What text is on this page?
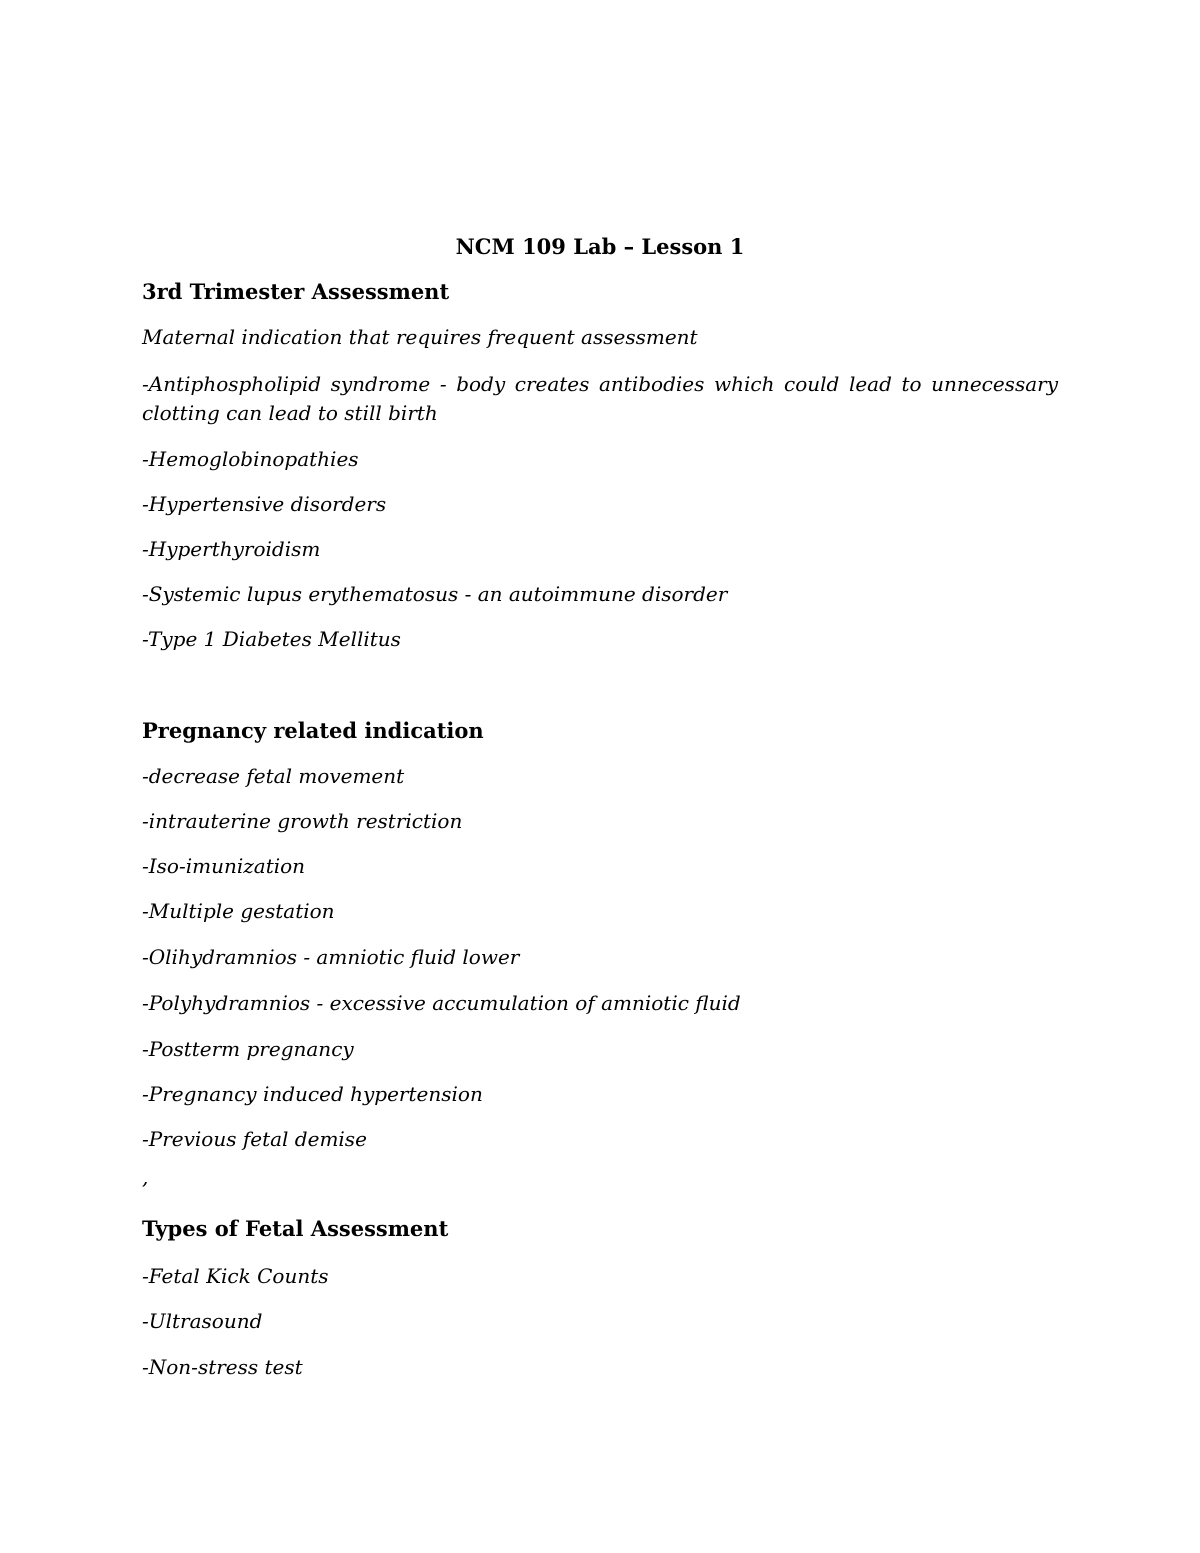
NCM 109 Lab – Lesson 1
3rd Trimester Assessment
Maternal indication that requires frequent assessment
-Antiphospholipid syndrome - body creates antibodies which could lead to unnecessary
clotting can lead to still birth
-Hemoglobinopathies
-Hypertensive disorders
-Hyperthyroidism
-Systemic lupus erythematosus - an autoimmune disorder
-Type 1 Diabetes Mellitus
Pregnancy related indication
-decrease fetal movement
-intrauterine growth restriction
-Iso-imunization
-Multiple gestation
-Olihydramnios - amniotic fluid lower
-Polyhydramnios - excessive accumulation of amniotic fluid
-Postterm pregnancy
-Pregnancy induced hypertension
-Previous fetal demise
,
Types of Fetal Assessment
-Fetal Kick Counts
-Ultrasound
-Non-stress test
